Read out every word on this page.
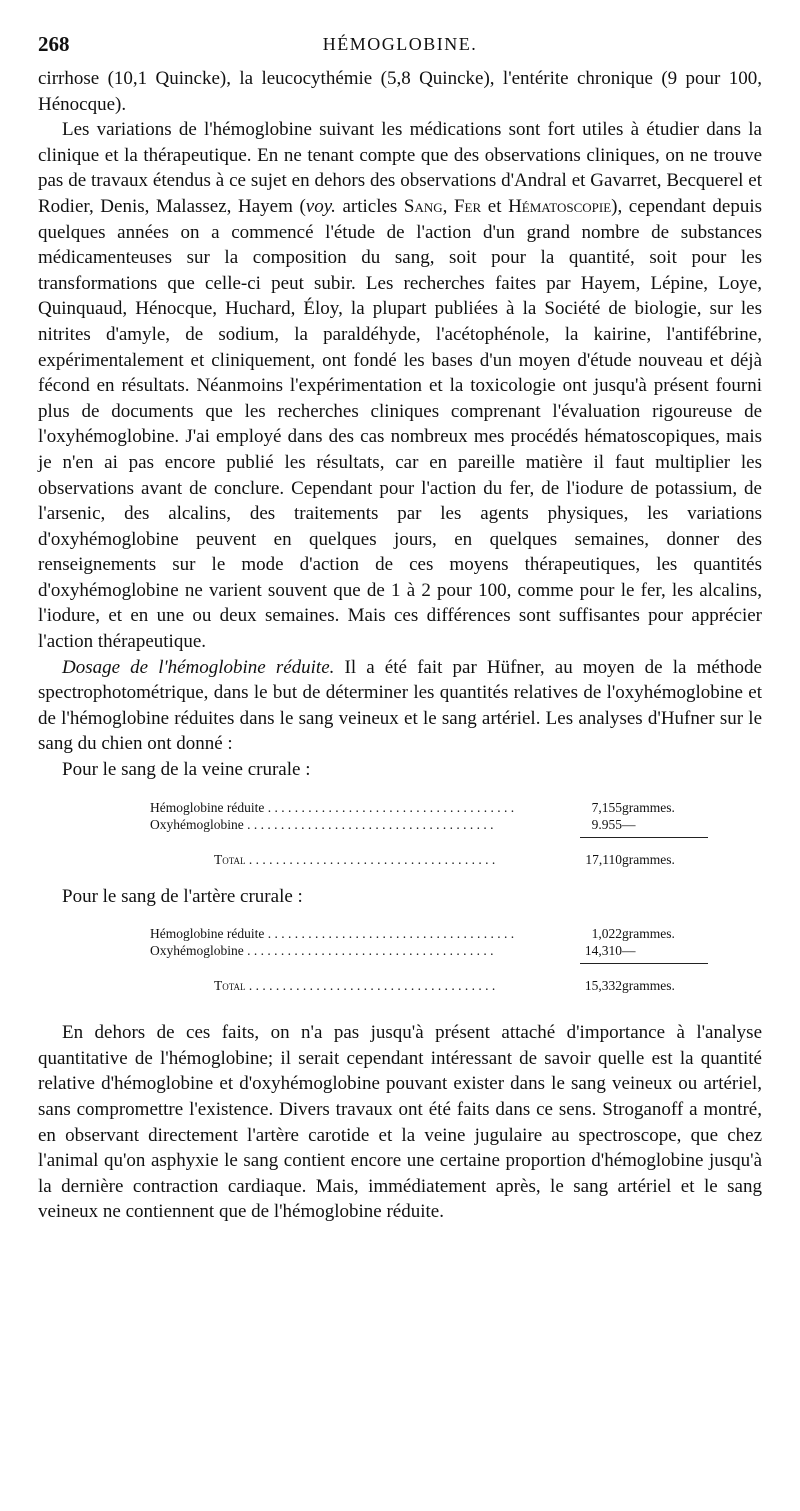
268	HÉMOGLOBINE.

cirrhose (10,1 Quincke), la leucocythémie (5,8 Quincke), l'entérite chronique (9 pour 100, Hénocque).

Les variations de l'hémoglobine suivant les médications sont fort utiles à étudier dans la clinique et la thérapeutique. En ne tenant compte que des observations cliniques, on ne trouve pas de travaux étendus à ce sujet en dehors des observations d'Andral et Gavarret, Becquerel et Rodier, Denis, Malassez, Hayem (voy. articles Sang, Fer et Hématoscopie), cependant depuis quelques années on a commencé l'étude de l'action d'un grand nombre de substances médicamenteuses sur la composition du sang, soit pour la quantité, soit pour les transformations que celle-ci peut subir. Les recherches faites par Hayem, Lépine, Loye, Quinquaud, Hénocque, Huchard, Éloy, la plupart publiées à la Société de biologie, sur les nitrites d'amyle, de sodium, la paraldéhyde, l'acétophénole, la kairine, l'antifébrine, expérimentalement et cliniquement, ont fondé les bases d'un moyen d'étude nouveau et déjà fécond en résultats. Néanmoins l'expérimentation et la toxicologie ont jusqu'à présent fourni plus de documents que les recherches cliniques comprenant l'évaluation rigoureuse de l'oxyhémoglobine. J'ai employé dans des cas nombreux mes procédés hématoscopiques, mais je n'en ai pas encore publié les résultats, car en pareille matière il faut multiplier les observations avant de conclure. Cependant pour l'action du fer, de l'iodure de potassium, de l'arsenic, des alcalins, des traitements par les agents physiques, les variations d'oxyhémoglobine peuvent en quelques jours, en quelques semaines, donner des renseignements sur le mode d'action de ces moyens thérapeutiques, les quantités d'oxyhémoglobine ne varient souvent que de 1 à 2 pour 100, comme pour le fer, les alcalins, l'iodure, et en une ou deux semaines. Mais ces différences sont suffisantes pour apprécier l'action thérapeutique.

Dosage de l'hémoglobine réduite. Il a été fait par Hüfner, au moyen de la méthode spectrophotométrique, dans le but de déterminer les quantités relatives de l'oxyhémoglobine et de l'hémoglobine réduites dans le sang veineux et le sang artériel. Les analyses d'Hufner sur le sang du chien ont donné :

Pour le sang de la veine crurale :
Hémoglobine réduite . . .	7,155	grammes.
Oxyhémoglobine . . .	9.955	—

Total . . .	17,110	grammes.
Pour le sang de l'artère crurale :
Hémoglobine réduite . . .	1,022	grammes.
Oxyhémoglobine . . .	14,310	—

Total . . .	15,332	grammes.

En dehors de ces faits, on n'a pas jusqu'à présent attaché d'importance à l'analyse quantitative de l'hémoglobine; il serait cependant intéressant de savoir quelle est la quantité relative d'hémoglobine et d'oxyhémoglobine pouvant exister dans le sang veineux ou artériel, sans compromettre l'existence. Divers travaux ont été faits dans ce sens. Stroganoff a montré, en observant directement l'artère carotide et la veine jugulaire au spectroscope, que chez l'animal qu'on asphyxie le sang contient encore une certaine proportion d'hémoglobine jusqu'à la dernière contraction cardiaque. Mais, immédiatement après, le sang artériel et le sang veineux ne contiennent que de l'hémoglobine réduite.
